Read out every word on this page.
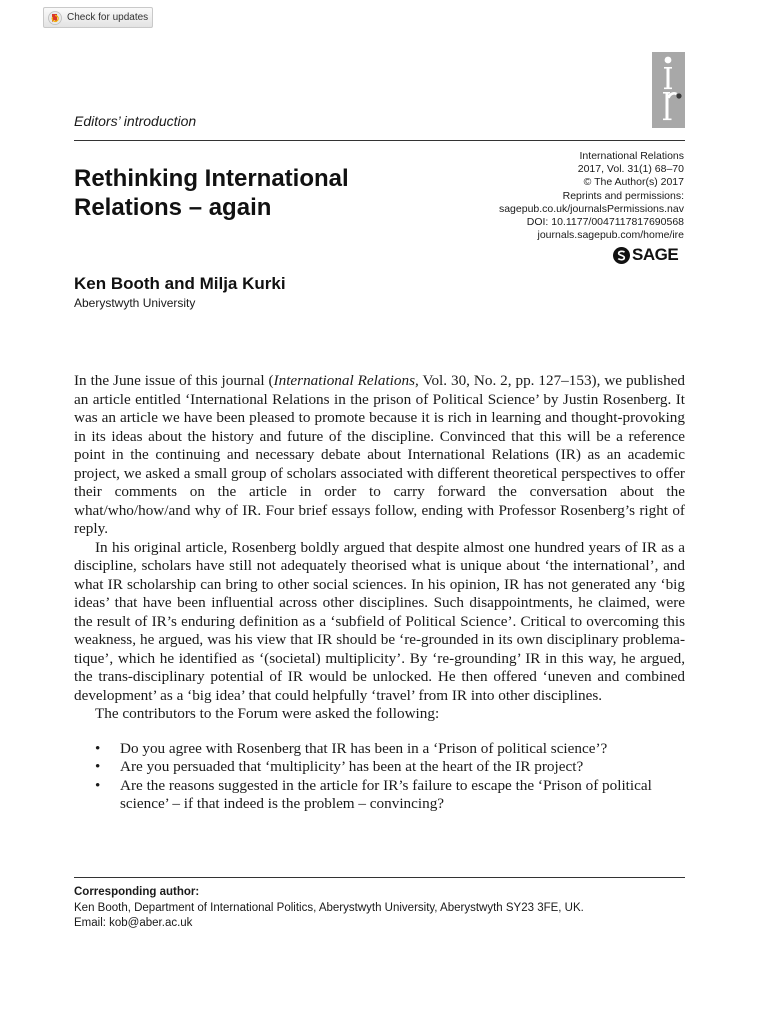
Check for updates
Editors’ introduction
Rethinking International
Relations – again
International Relations
2017, Vol. 31(1) 68–70
© The Author(s) 2017
Reprints and permissions:
sagepub.co.uk/journalsPermissions.nav
DOI: 10.1177/0047117817690568
journals.sagepub.com/home/ire
SAGE
Ken Booth and Milja Kurki
Aberystwyth University

In the June issue of this journal (International Relations, Vol. 30, No. 2, pp. 127–153), we published an article entitled ‘International Relations in the prison of Political Science’ by Justin Rosenberg. It was an article we have been pleased to promote because it is rich in learning and thought-provoking in its ideas about the history and future of the discipline. Convinced that this will be a reference point in the continuing and necessary debate about International Relations (IR) as an academic project, we asked a small group of scholars associated with different theoretical perspectives to offer their comments on the article in order to carry forward the conversation about the what/who/how/and why of IR. Four brief essays follow, ending with Professor Rosenberg’s right of reply.

In his original article, Rosenberg boldly argued that despite almost one hundred years of IR as a discipline, scholars have still not adequately theorised what is unique about ‘the international’, and what IR scholarship can bring to other social sciences. In his opinion, IR has not generated any ‘big ideas’ that have been influential across other disciplines. Such disappointments, he claimed, were the result of IR’s enduring definition as a ‘subfield of Political Science’. Critical to overcoming this weakness, he argued, was his view that IR should be ‘re-grounded in its own disciplinary problematique’, which he identified as ‘(societal) multiplicity’. By ‘re-grounding’ IR in this way, he argued, the trans-disciplinary potential of IR would be unlocked. He then offered ‘uneven and combined development’ as a ‘big idea’ that could helpfully ‘travel’ from IR into other disciplines.

The contributors to the Forum were asked the following:

• Do you agree with Rosenberg that IR has been in a ‘Prison of political science’?
• Are you persuaded that ‘multiplicity’ has been at the heart of the IR project?
• Are the reasons suggested in the article for IR’s failure to escape the ‘Prison of political science’ – if that indeed is the problem – convincing?
Corresponding author:
Ken Booth, Department of International Politics, Aberystwyth University, Aberystwyth SY23 3FE, UK.
Email: kob@aber.ac.uk
